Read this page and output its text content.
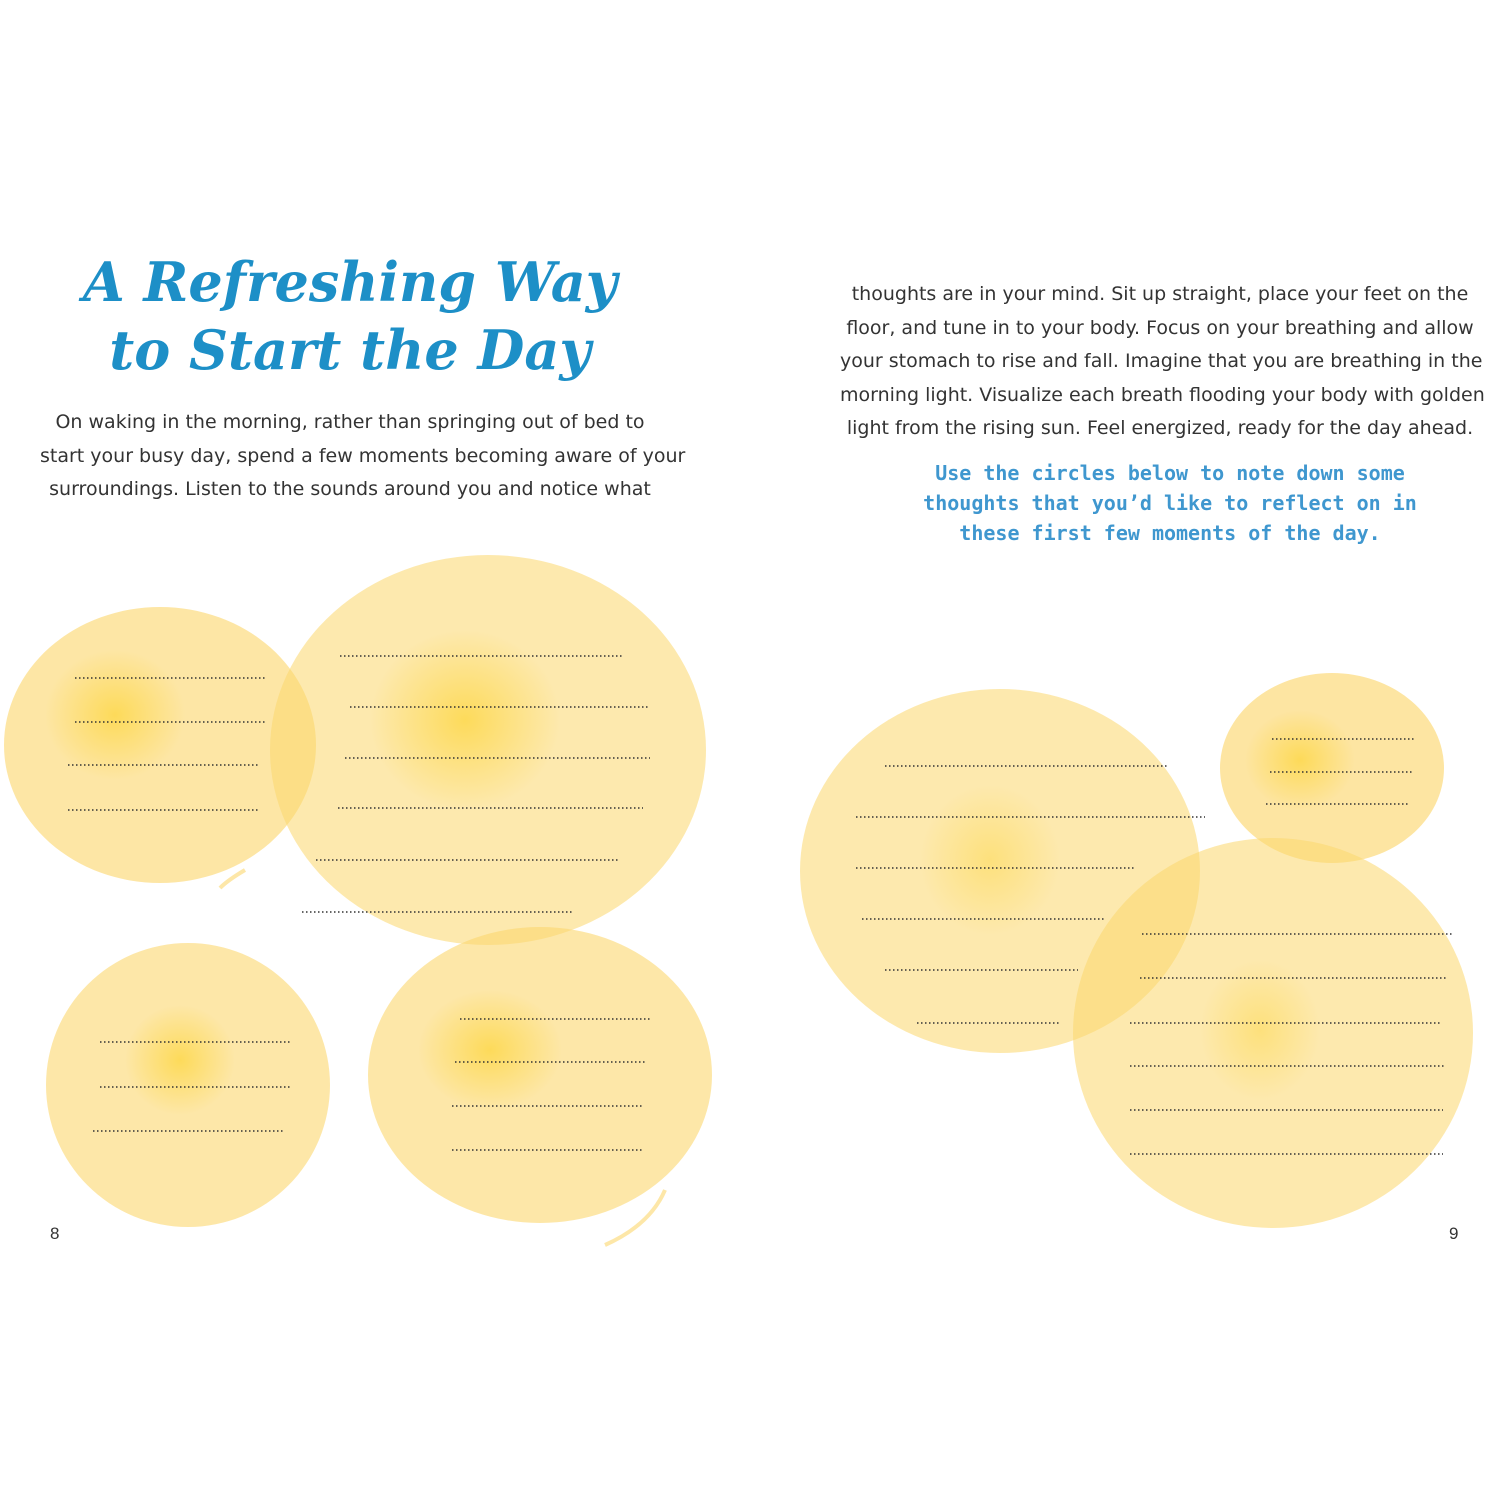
A Refreshing Way
to Start the Day
On waking in the morning, rather than springing out of bed to
start your busy day, spend a few moments becoming aware of your
surroundings. Listen to the sounds around you and notice what
8
thoughts are in your mind. Sit up straight, place your feet on the
floor, and tune in to your body. Focus on your breathing and allow
your stomach to rise and fall. Imagine that you are breathing in the
morning light. Visualize each breath flooding your body with golden
light from the rising sun. Feel energized, ready for the day ahead.
Use the circles below to note down some
thoughts that you’d like to reflect on in
these first few moments of the day.
9
